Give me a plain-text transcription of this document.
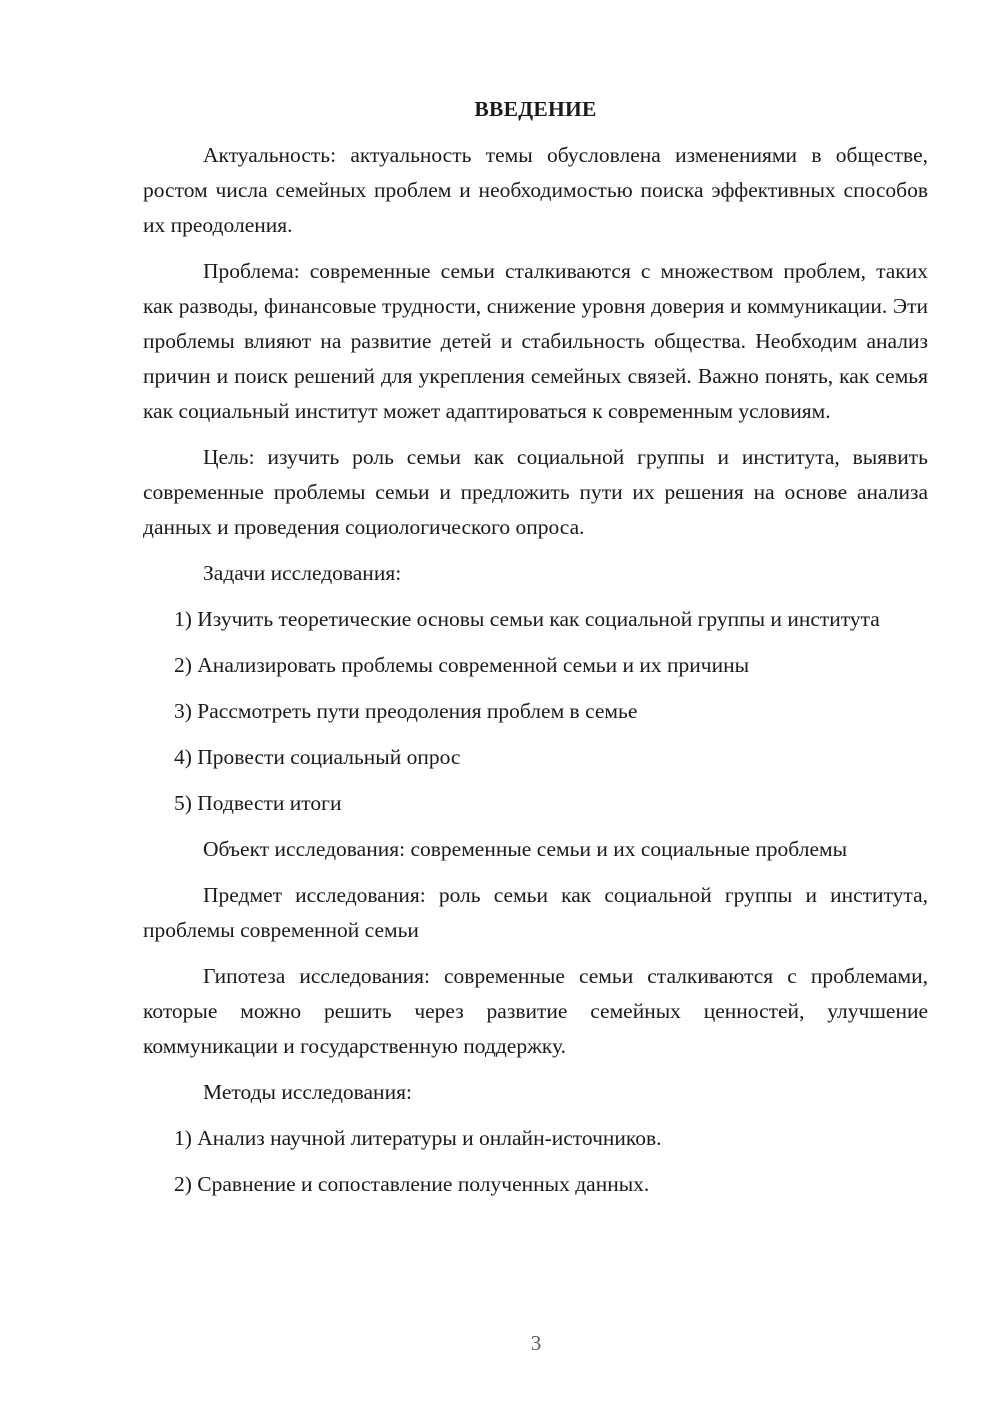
ВВЕДЕНИЕ
Актуальность: актуальность темы обусловлена изменениями в обществе, ростом числа семейных проблем и необходимостью поиска эффективных способов их преодоления.
Проблема: современные семьи сталкиваются с множеством проблем, таких как разводы, финансовые трудности, снижение уровня доверия и коммуникации. Эти проблемы влияют на развитие детей и стабильность общества. Необходим анализ причин и поиск решений для укрепления семейных связей. Важно понять, как семья как социальный институт может адаптироваться к современным условиям.
Цель: изучить роль семьи как социальной группы и института, выявить современные проблемы семьи и предложить пути их решения на основе анализа данных и проведения социологического опроса.
Задачи исследования:
1) Изучить теоретические основы семьи как социальной группы и института
2) Анализировать проблемы современной семьи и их причины
3) Рассмотреть пути преодоления проблем в семье
4) Провести социальный опрос
5) Подвести итоги
Объект исследования: современные семьи и их социальные проблемы
Предмет исследования: роль семьи как социальной группы и института, проблемы современной семьи
Гипотеза исследования: современные семьи сталкиваются с проблемами, которые можно решить через развитие семейных ценностей, улучшение коммуникации и государственную поддержку.
Методы исследования:
1) Анализ научной литературы и онлайн-источников.
2) Сравнение и сопоставление полученных данных.
3
